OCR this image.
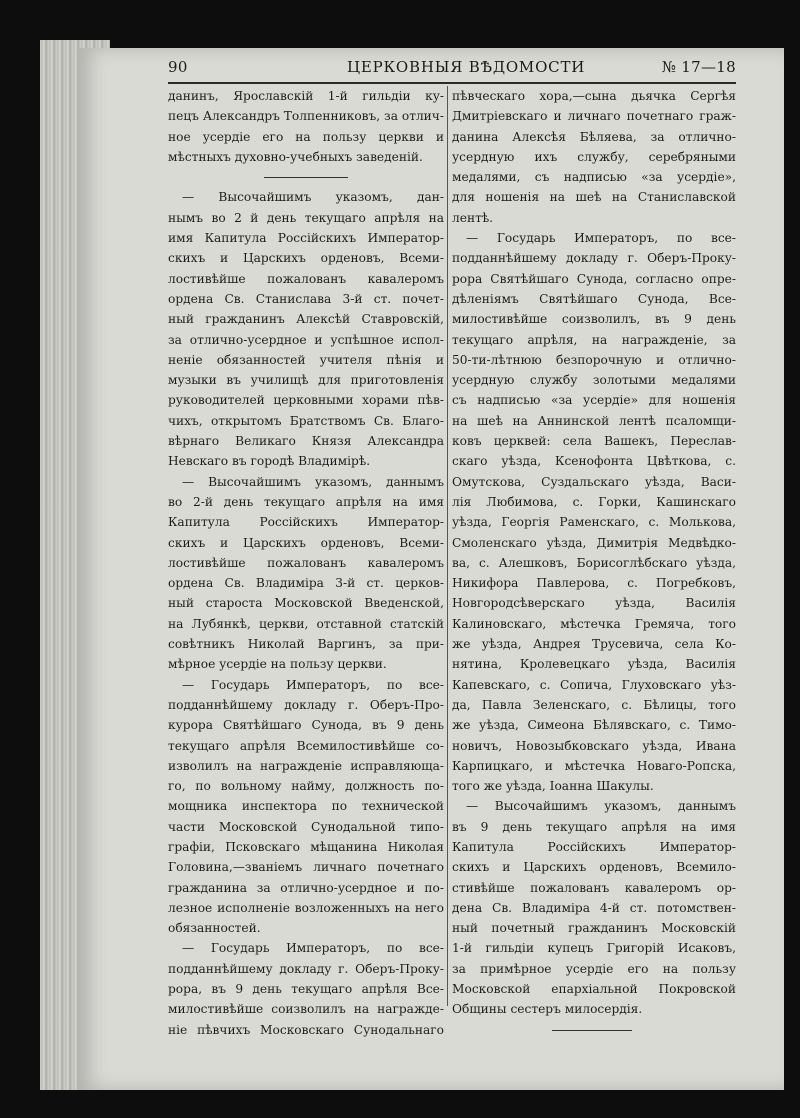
90	ЦЕРКОВНЫЯ ВѢДОМОСТИ	№ 17—18
данинъ, Ярославскій 1-й гильдіи ку-
пецъ Александръ Толпенниковъ, за отлич-
ное усердіе его на пользу церкви и
мѣстныхъ духовно-учебныхъ заведеній.
— Высочайшимъ указомъ, дан-
нымъ во 2 й день текущаго апрѣля на
имя Капитула Россійскихъ Император-
скихъ и Царскихъ орденовъ, Всеми-
лостивѣйше пожалованъ кавалеромъ
ордена Св. Станислава 3-й ст. почет-
ный гражданинъ Алексѣй Ставровскій,
за отлично-усердное и успѣшное испол-
неніе обязанностей учителя пѣнія и
музыки въ училищѣ для приготовленія
руководителей церковными хорами пѣв-
чихъ, открытомъ Братствомъ Св. Благо-
вѣрнаго Великаго Князя Александра
Невскаго въ городѣ Владимірѣ.
— Высочайшимъ указомъ, даннымъ
во 2-й день текущаго апрѣля на имя
Капитула Россійскихъ Император-
скихъ и Царскихъ орденовъ, Всеми-
лостивѣйше пожалованъ кавалеромъ
ордена Св. Владиміра 3-й ст. церков-
ный староста Московской Введенской,
на Лубянкѣ, церкви, отставной статскій
совѣтникъ Николай Варгинъ, за при-
мѣрное усердіе на пользу церкви.
— Государь Императоръ, по все-
подданнѣйшему докладу г. Оберъ-Про-
курора Святѣйшаго Сунода, въ 9 день
текущаго апрѣля Всемилостивѣйше со-
изволилъ на награжденіе исправляюща-
го, по вольному найму, должность по-
мощника инспектора по технической
части Московской Сунодальной типо-
графіи, Псковскаго мѣщанина Николая
Головина,—званіемъ личнаго почетнаго
гражданина за отлично-усердное и по-
лезное исполненіе возложенныхъ на него
обязанностей.
— Государь Императоръ, по все-
подданнѣйшему докладу г. Оберъ-Проку-
рора, въ 9 день текущаго апрѣля Все-
милостивѣйше соизволилъ на награжде-
ніе пѣвчихъ Московскаго Сунодальнаго
пѣвческаго хора,—сына дьячка Сергѣя
Дмитріевскаго и личнаго почетнаго граж-
данина Алексѣя Бѣляева, за отлично-
усердную ихъ службу, серебряными
медалями, съ надписью «за усердіе»,
для ношенія на шеѣ на Станиславской
лентѣ.
— Государь Императоръ, по все-
подданнѣйшему докладу г. Оберъ-Проку-
рора Святѣйшаго Сунода, согласно опре-
дѣленіямъ Святѣйшаго Сунода, Все-
милостивѣйше соизволилъ, въ 9 день
текущаго апрѣля, на награжденіе, за
50-ти-лѣтнюю безпорочную и отлично-
усердную службу золотыми медалями
съ надписью «за усердіе» для ношенія
на шеѣ на Аннинской лентѣ псаломщи-
ковъ церквей: села Вашекъ, Переслав-
скаго уѣзда, Ксенофонта Цвѣткова, с.
Омутскова, Суздальскаго уѣзда, Васи-
лія Любимова, с. Горки, Кашинскаго
уѣзда, Георгія Раменскаго, с. Молькова,
Смоленскаго уѣзда, Димитрія Медвѣдко-
ва, с. Алешковъ, Борисоглѣбскаго уѣзда,
Никифора Павлерова, с. Погребковъ,
Новгородсѣверскаго уѣзда, Василія
Калиновскаго, мѣстечка Гремяча, того
же уѣзда, Андрея Трусевича, села Ко-
нятина, Кролевецкаго уѣзда, Василія
Капевскаго, с. Сопича, Глуховскаго уѣз-
да, Павла Зеленскаго, с. Бѣлицы, того
же уѣзда, Симеона Бѣлявскаго, с. Тимо-
новичъ, Новозыбковскаго уѣзда, Ивана
Карпицкаго, и мѣстечка Новаго-Ропска,
того же уѣзда, Іоанна Шакулы.
— Высочайшимъ указомъ, даннымъ
въ 9 день текущаго апрѣля на имя
Капитула Россійскихъ Император-
скихъ и Царскихъ орденовъ, Всемило-
стивѣйше пожалованъ кавалеромъ ор-
дена Св. Владиміра 4-й ст. потомствен-
ный почетный гражданинъ Московскій
1-й гильдіи купецъ Григорій Исаковъ,
за примѣрное усердіе его на пользу
Московской епархіальной Покровской
Общины сестеръ милосердія.
